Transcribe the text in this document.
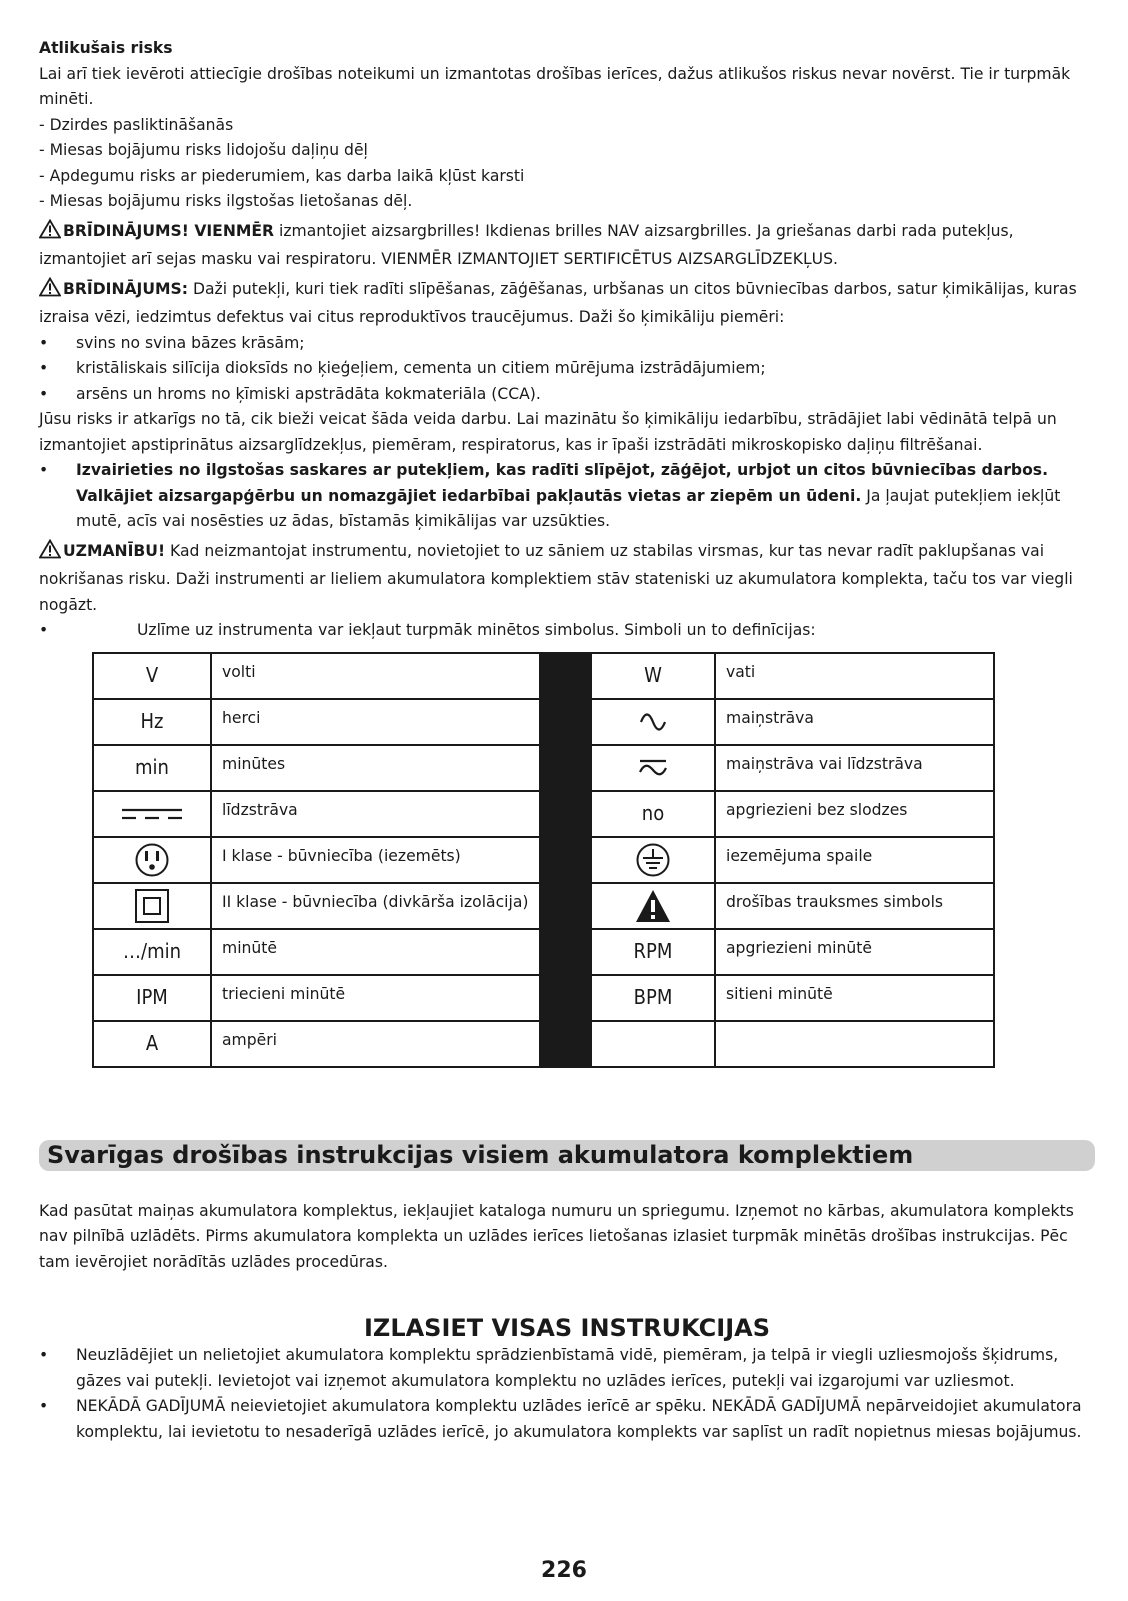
Atlikušais risks

Lai arī tiek ievēroti attiecīgie drošības noteikumi un izmantotas drošības ierīces, dažus atlikušos riskus nevar novērst. Tie ir turpmāk minēti.

- Dzirdes pasliktināšanās

- Miesas bojājumu risks lidojošu daļiņu dēļ

- Apdegumu risks ar piederumiem, kas darba laikā kļūst karsti

- Miesas bojājumu risks ilgstošas lietošanas dēļ.

BRĪDINĀJUMS! VIENMĒR izmantojiet aizsargbrilles! Ikdienas brilles NAV aizsargbrilles. Ja griešanas darbi rada putekļus, izmantojiet arī sejas masku vai respiratoru. VIENMĒR IZMANTOJIET SERTIFICĒTUS AIZSARGLĪDZEKĻUS.

BRĪDINĀJUMS: Daži putekļi, kuri tiek radīti slīpēšanas, zāģēšanas, urbšanas un citos būvniecības darbos, satur ķimikālijas, kuras izraisa vēzi, iedzimtus defektus vai citus reproduktīvos traucējumus. Daži šo ķimikāliju piemēri:

• svins no svina bāzes krāsām;

• kristāliskais silīcija dioksīds no ķieģeļiem, cementa un citiem mūrējuma izstrādājumiem;

• arsēns un hroms no ķīmiski apstrādāta kokmateriāla (CCA).

Jūsu risks ir atkarīgs no tā, cik bieži veicat šāda veida darbu. Lai mazinātu šo ķimikāliju iedarbību, strādājiet labi vēdinātā telpā un izmantojiet apstiprinātus aizsarglīdzekļus, piemēram, respiratorus, kas ir īpaši izstrādāti mikroskopisko daļiņu filtrēšanai.

• Izvairieties no ilgstošas saskares ar putekļiem, kas radīti slīpējot, zāģējot, urbjot un citos būvniecības darbos. Valkājiet aizsargapģērbu un nomazgājiet iedarbībai pakļautās vietas ar ziepēm un ūdeni. Ja ļaujat putekļiem iekļūt mutē, acīs vai nosēsties uz ādas, bīstamās ķimikālijas var uzsūkties.

UZMANĪBU! Kad neizmantojat instrumentu, novietojiet to uz sāniem uz stabilas virsmas, kur tas nevar radīt paklupšanas vai nokrišanas risku. Daži instrumenti ar lieliem akumulatora komplektiem stāv stateniski uz akumulatora komplekta, taču tos var viegli nogāzt.

• Uzlīme uz instrumenta var iekļaut turpmāk minētos simbolus. Simboli un to definīcijas:

V	volti		W	vati
Hz	herci			maiņstrāva
min	minūtes			maiņstrāva vai līdzstrāva

	līdzstrāva		no	apgriezieni bez slodzes

	I klase - būvniecība (iezemēts)			iezemējuma spaile

	II klase - būvniecība (divkārša izolācija)			drošības trauksmes simbols
…/min	minūtē		RPM	apgriezieni minūtē
IPM	triecieni minūtē		BPM	sitieni minūtē
A	ampēri			

Svarīgas drošības instrukcijas visiem akumulatora komplektiem

Kad pasūtat maiņas akumulatora komplektus, iekļaujiet kataloga numuru un spriegumu. Izņemot no kārbas, akumulatora komplekts nav pilnībā uzlādēts. Pirms akumulatora komplekta un uzlādes ierīces lietošanas izlasiet turpmāk minētās drošības instrukcijas. Pēc tam ievērojiet norādītās uzlādes procedūras.

IZLASIET VISAS INSTRUKCIJAS

• Neuzlādējiet un nelietojiet akumulatora komplektu sprādzienbīstamā vidē, piemēram, ja telpā ir viegli uzliesmojošs šķidrums, gāzes vai putekļi. Ievietojot vai izņemot akumulatora komplektu no uzlādes ierīces, putekļi vai izgarojumi var uzliesmot.

• NEKĀDĀ GADĪJUMĀ neievietojiet akumulatora komplektu uzlādes ierīcē ar spēku. NEKĀDĀ GADĪJUMĀ nepārveidojiet akumulatora komplektu, lai ievietotu to nesaderīgā uzlādes ierīcē, jo akumulatora komplekts var saplīst un radīt nopietnus miesas bojājumus.

226
